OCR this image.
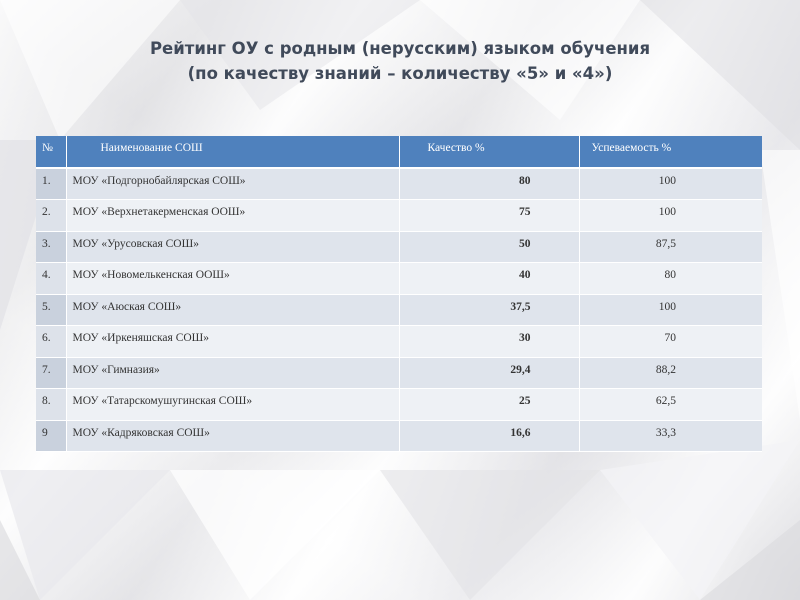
Рейтинг ОУ с родным (нерусским) языком обучения
(по качеству знаний – количеству «5» и «4»)
№	Наименование СОШ	Качество %	Успеваемость %
1.	МОУ «Подгорнобайлярская СОШ»	80	100
2.	МОУ «Верхнетакерменская ООШ»	75	100
3.	МОУ «Урусовская СОШ»	50	87,5
4.	МОУ «Новомелькенская ООШ»	40	80
5.	МОУ «Аюская СОШ»	37,5	100
6.	МОУ «Иркеняшская СОШ»	30	70
7.	МОУ «Гимназия»	29,4	88,2
8.	МОУ «Татарскомушугинская СОШ»	25	62,5
9	МОУ «Кадряковская СОШ»	16,6	33,3
